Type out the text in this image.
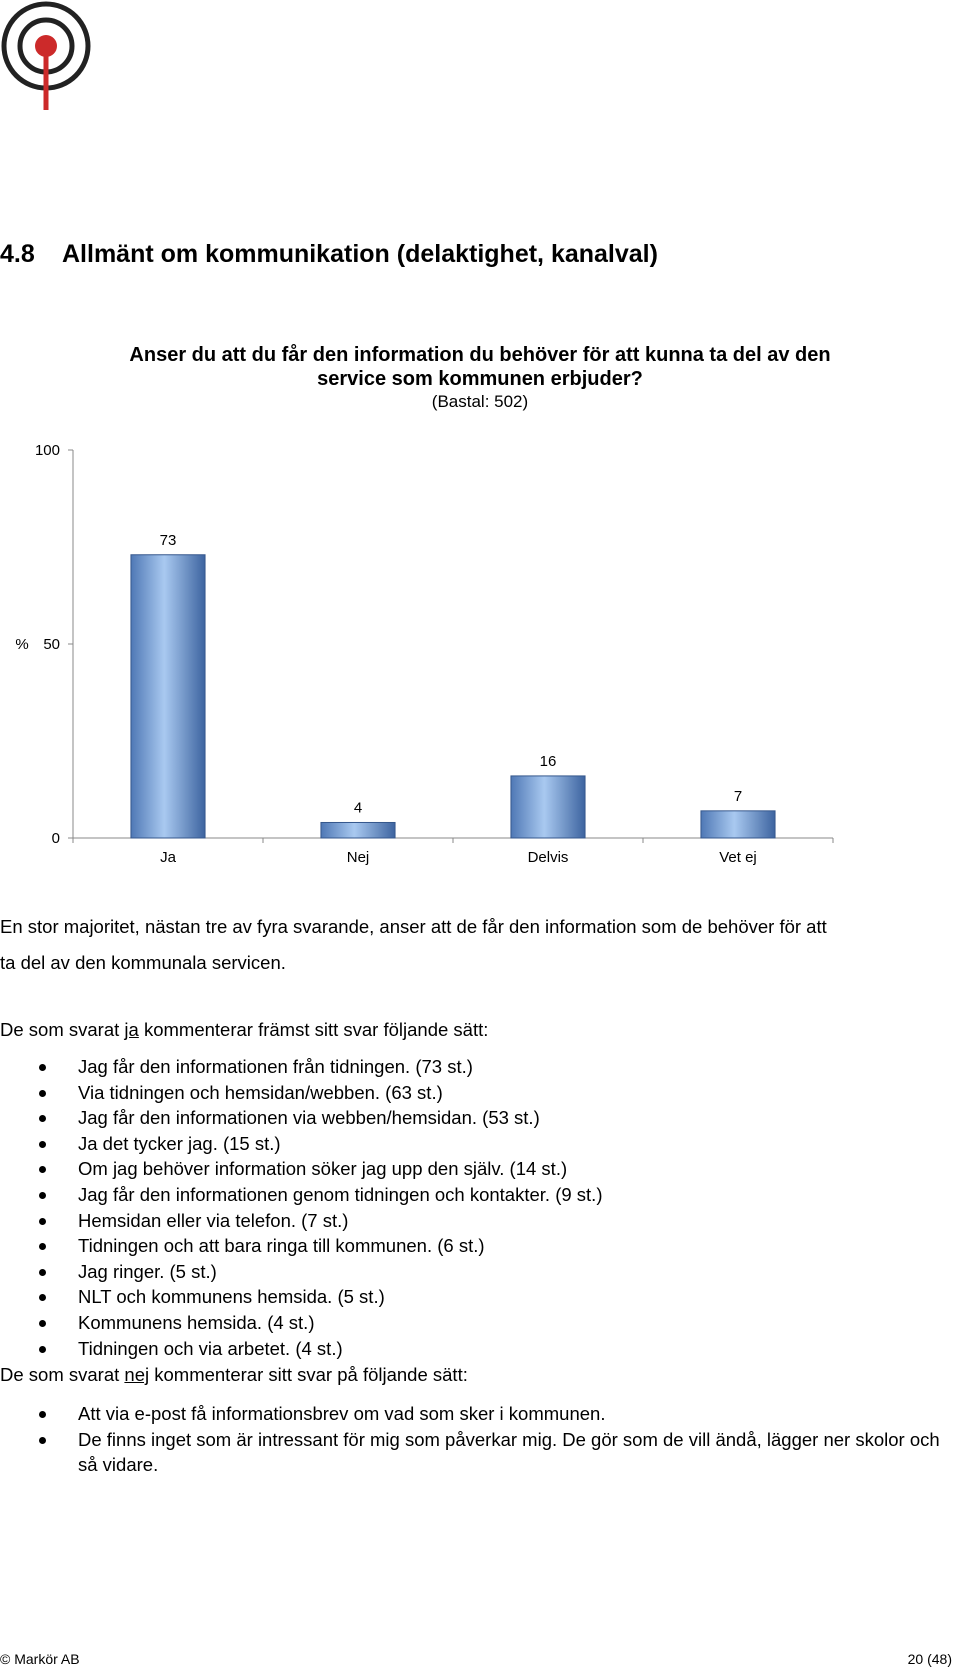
4.8 Allmänt om kommunikation (delaktighet, kanalval)
Anser du att du får den information du behöver för att kunna ta del av den
service som kommunen erbjuder?
(Bastal: 502)
0
50
100
%
73
Ja
4
Nej
16
Delvis
7
Vet ej
En stor majoritet, nästan tre av fyra svarande, anser att de får den information som de behöver för att
ta del av den kommunala servicen.
De som svarat ja kommenterar främst sitt svar följande sätt:
Jag får den informationen från tidningen. (73 st.)
Via tidningen och hemsidan/webben. (63 st.)
Jag får den informationen via webben/hemsidan. (53 st.)
Ja det tycker jag. (15 st.)
Om jag behöver information söker jag upp den själv. (14 st.)
Jag får den informationen genom tidningen och kontakter. (9 st.)
Hemsidan eller via telefon. (7 st.)
Tidningen och att bara ringa till kommunen. (6 st.)
Jag ringer. (5 st.)
NLT och kommunens hemsida. (5 st.)
Kommunens hemsida. (4 st.)
Tidningen och via arbetet. (4 st.)
De som svarat nej kommenterar sitt svar på följande sätt:
Att via e-post få informationsbrev om vad som sker i kommunen.
De finns inget som är intressant för mig som påverkar mig. De gör som de vill ändå, lägger ner skolor och så vidare.
© Markör AB	20 (48)
